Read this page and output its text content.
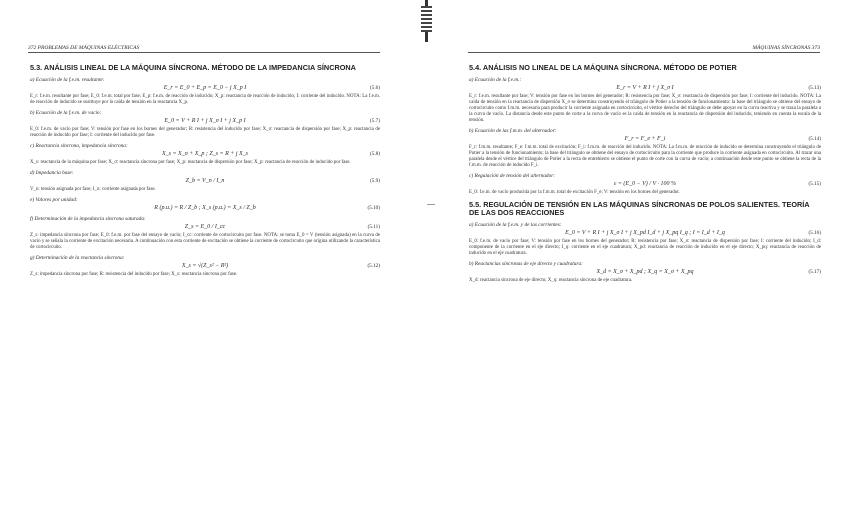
372 PROBLEMAS DE MÁQUINAS ELÉCTRICAS
5.3. ANÁLISIS LINEAL DE LA MÁQUINA SÍNCRONA. MÉTODO DE LA IMPEDANCIA SÍNCRONA
a) Ecuación de la f.e.m. resultante:
E_r = E_0 + E_p = E_0 − j X_p I	(5.6)
E_r: f.e.m. resultante por fase; E_0: f.e.m. total por fase; E_p: f.e.m. de reacción de inducido; X_p: reactancia de reacción de inducido; I: corriente del inducido. NOTA: La f.e.m. de reacción de inducido se sustituye por la caída de tensión en la reactancia X_p.
b) Ecuación de la f.e.m. de vacío:
E_0 = V + R I + j X_σ I + j X_p I	(5.7)
E_0: f.e.m. de vacío por fase; V: tensión por fase en los bornes del generador; R: resistencia del inducido por fase; X_σ: reactancia de dispersión por fase; X_p: reactancia de reacción de inducido por fase; I: corriente del inducido por fase.
c) Reactancia síncrona, impedancia síncrona:
X_s = X_σ + X_p ; Z_s = R + j X_s	(5.8)
X_s: reactancia de la máquina por fase; X_σ: reactancia síncrona por fase; X_p: reactancia de dispersión por fase; X_p: reactancia de reacción de inducido por fase.
d) Impedancia base:
Z_b = V_n / I_n	(5.9)
V_n: tensión asignada por fase; I_n: corriente asignada por fase.
e) Valores por unidad:
R (p.u.) = R / Z_b ; X_s (p.u.) = X_s / Z_b	(5.10)
f) Determinación de la impedancia síncrona saturada:
Z_s = E_0 / I_cc	(5.11)
Z_s: impedancia síncrona por fase; E_0: f.e.m. por fase del ensayo de vacío; I_cc: corriente de cortocircuito por fase. NOTA: se toma E_0 = V (tensión asignada) en la curva de vacío y se señala la corriente de excitación necesaria. A continuación con esta corriente de excitación se obtiene la corriente de cortocircuito que origina utilizando la característica de cortocircuito.
g) Determinación de la reactancia síncrona:
X_s = √(Z_s² − R²)	(5.12)
Z_s: impedancia síncrona por fase; R: resistencia del inducido por fase; X_s: reactancia síncrona por fase.
MÁQUINAS SÍNCRONAS 373
5.4. ANÁLISIS NO LINEAL DE LA MÁQUINA SÍNCRONA. MÉTODO DE POTIER
a) Ecuación de la f.e.m.:
E_r = V + R I + j X_σ I	(5.13)
E_r: f.e.m. resultante por fase; V: tensión por fase en los bornes del generador; R: resistencia por fase; X_σ: reactancia de dispersión por fase; I: corriente del inducido. NOTA: La caída de tensión en la reactancia de dispersión X_σ se determina construyendo el triángulo de Potier a la tensión de funcionamiento: la base del triángulo se obtiene del ensayo de cortocircuito como f.m.m. necesaria para producir la corriente asignada en cortocircuito, el vértice derecho del triángulo se debe apoyar en la curva reactiva y se traza la paralela a la curva de vacío. La distancia desde este punto de corte a la curva de vacío es la caída de tensión en la reactancia de dispersión del inducido, teniendo en cuenta la escala de la tensión.
b) Ecuación de las f.m.m. del alternador:
F_r = F_e + F_i	(5.14)
F_r: f.m.m. resultante; F_e: f.m.m. total de excitación; F_i: f.m.m. de reacción del inducido. NOTA: La f.m.m. de reacción de inducido se determina construyendo el triángulo de Potier a la tensión de funcionamiento; la base del triángulo se obtiene del ensayo de cortocircuito para la corriente que produce la corriente asignada en cortocircuito. Al trazar una paralela desde el vértice del triángulo de Potier a la recta de entrehierro se obtiene el punto de corte con la curva de vacío; a continuación desde este punto se obtiene la recta de la f.m.m. de reacción de inducido F_i.
c) Regulación de tensión del alternador:
ε = (E_0 − V) / V · 100 %	(5.15)
E_0: f.e.m. de vacío producida por la f.m.m. total de excitación F_e; V: tensión en los bornes del generador.
5.5. REGULACIÓN DE TENSIÓN EN LAS MÁQUINAS SÍNCRONAS DE POLOS SALIENTES. TEORÍA DE LAS DOS REACCIONES
a) Ecuación de la f.e.m. y de las corrientes:
E_0 = V + R I + j X_σ I + j X_pd I_d + j X_pq I_q ; I = I_d + I_q	(5.16)
E_0: f.e.m. de vacío por fase; V: tensión por fase en los bornes del generador; R: resistencia por fase; X_σ: reactancia de dispersión por fase; I: corriente del inducido; I_d: componente de la corriente en el eje directo; I_q: corriente en el eje cuadratura; X_pd: reactancia de reacción de inducido en el eje directo; X_pq: reactancia de reacción de inducido en el eje cuadratura.
b) Reactancias síncronas de eje directo y cuadratura:
X_d = X_σ + X_pd ; X_q = X_σ + X_pq	(5.17)
X_d: reactancia síncrona de eje directo; X_q: reactancia síncrona de eje cuadratura.
